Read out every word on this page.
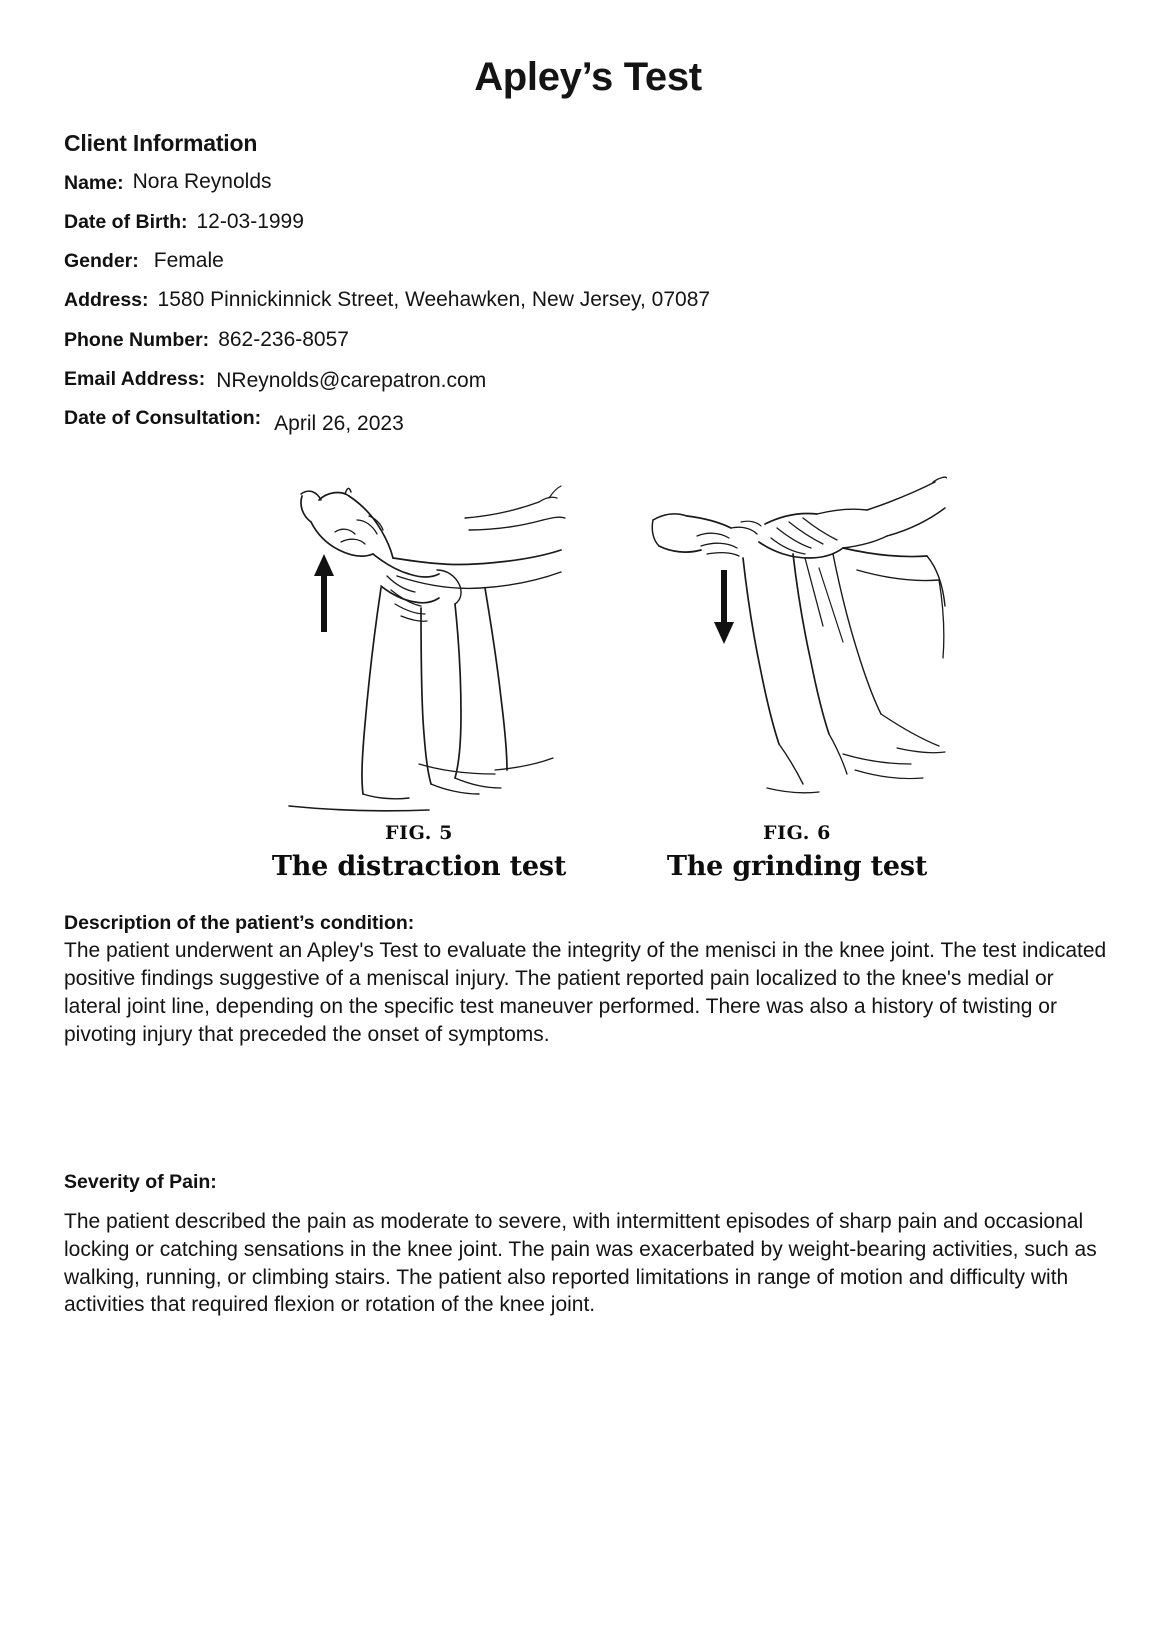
Apley’s Test
Client Information
Name: Nora Reynolds
Date of Birth: 12-03-1999
Gender: Female
Address: 1580 Pinnickinnick Street, Weehawken, New Jersey, 07087
Phone Number: 862-236-8057
Email Address: NReynolds@carepatron.com
Date of Consultation: April 26, 2023
FIG. 5
The distraction test
FIG. 6
The grinding test
Description of the patient’s condition:

The patient underwent an Apley's Test to evaluate the integrity of the menisci in the knee joint. The test indicated positive findings suggestive of a meniscal injury. The patient reported pain localized to the knee's medial or lateral joint line, depending on the specific test maneuver performed. There was also a history of twisting or pivoting injury that preceded the onset of symptoms.

Severity of Pain:

The patient described the pain as moderate to severe, with intermittent episodes of sharp pain and occasional locking or catching sensations in the knee joint. The pain was exacerbated by weight-bearing activities, such as walking, running, or climbing stairs. The patient also reported limitations in range of motion and difficulty with activities that required flexion or rotation of the knee joint.
